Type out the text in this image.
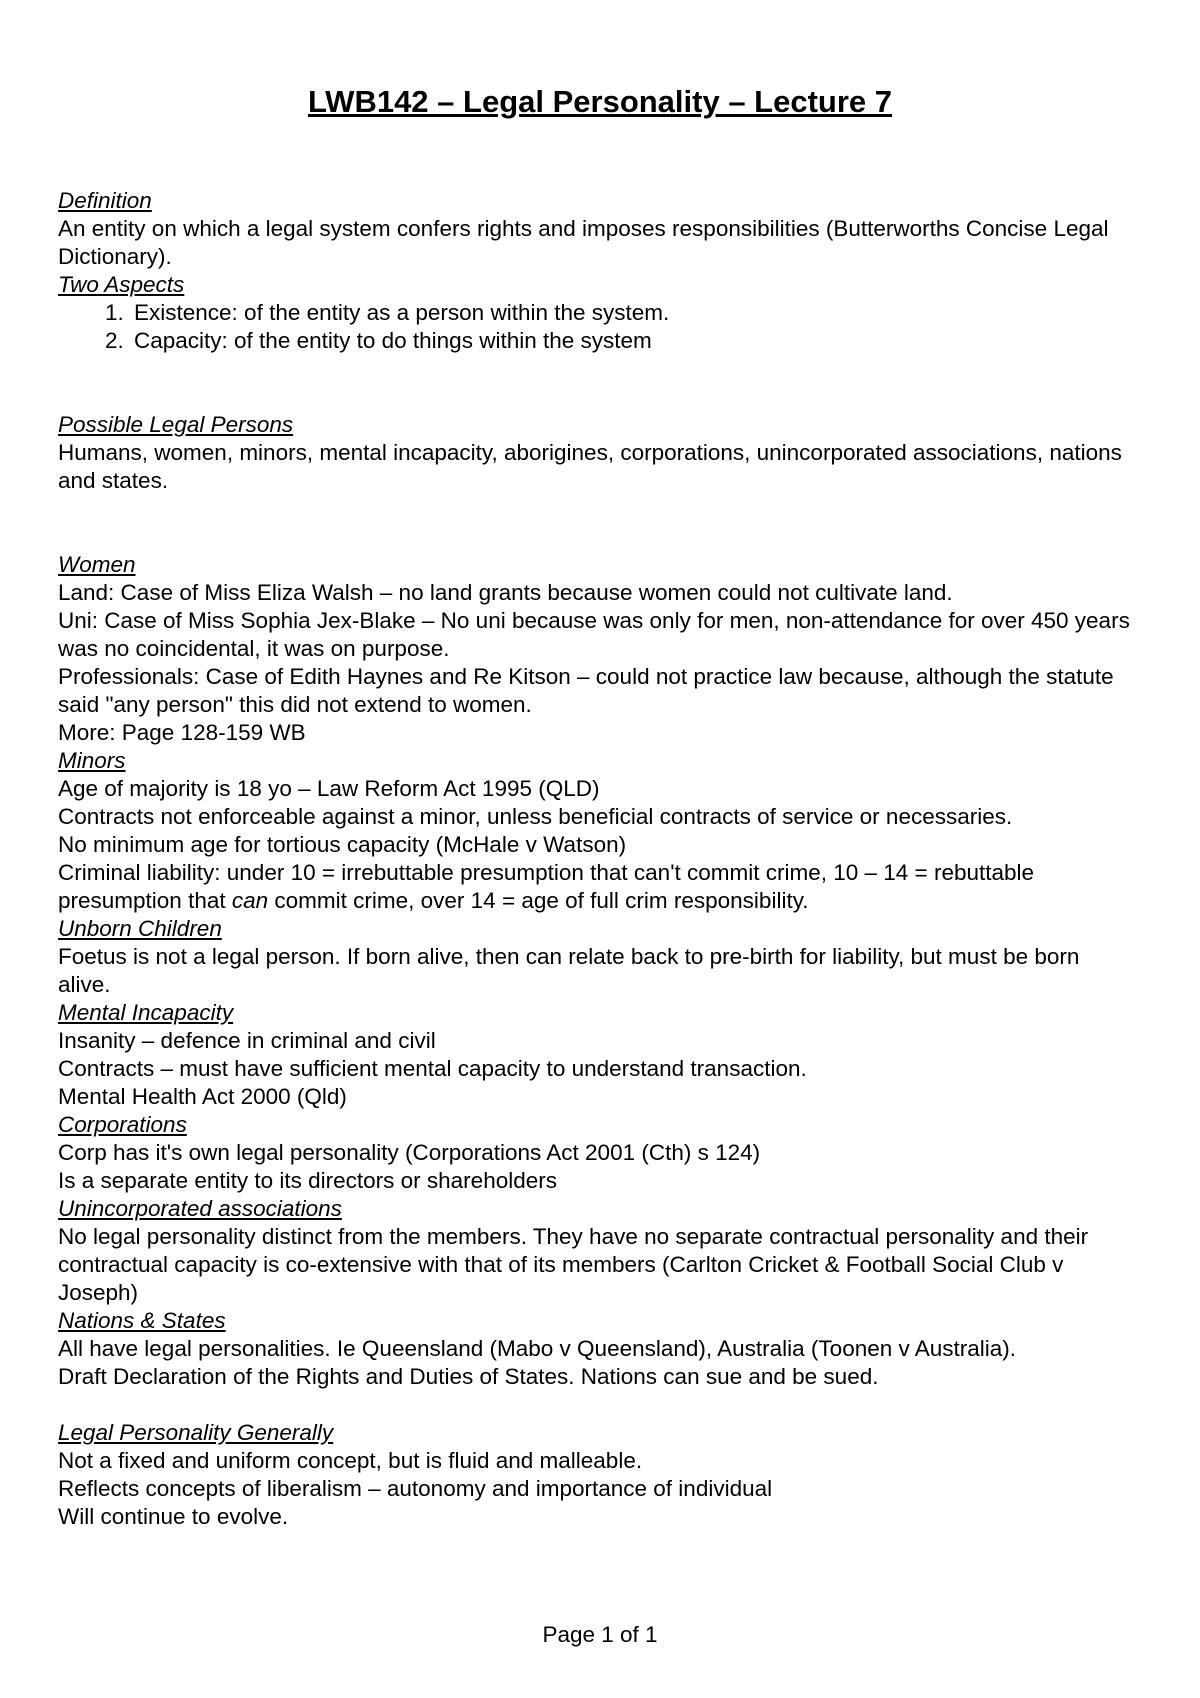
LWB142 – Legal Personality – Lecture 7

Definition

An entity on which a legal system confers rights and imposes responsibilities (Butterworths Concise Legal Dictionary).

Two Aspects

1. Existence: of the entity as a person within the system.
2. Capacity: of the entity to do things within the system

Possible Legal Persons

Humans, women, minors, mental incapacity, aborigines, corporations, unincorporated associations, nations and states.

Women

Land: Case of Miss Eliza Walsh – no land grants because women could not cultivate land.

Uni: Case of Miss Sophia Jex-Blake – No uni because was only for men, non-attendance for over 450 years was no coincidental, it was on purpose.

Professionals: Case of Edith Haynes and Re Kitson – could not practice law because, although the statute said "any person" this did not extend to women.

More: Page 128-159 WB

Minors

Age of majority is 18 yo – Law Reform Act 1995 (QLD)

Contracts not enforceable against a minor, unless beneficial contracts of service or necessaries.

No minimum age for tortious capacity (McHale v Watson)

Criminal liability: under 10 = irrebuttable presumption that can't commit crime, 10 – 14 = rebuttable presumption that can commit crime, over 14 = age of full crim responsibility.

Unborn Children

Foetus is not a legal person. If born alive, then can relate back to pre-birth for liability, but must be born alive.

Mental Incapacity

Insanity – defence in criminal and civil

Contracts – must have sufficient mental capacity to understand transaction.

Mental Health Act 2000 (Qld)

Corporations

Corp has it's own legal personality (Corporations Act 2001 (Cth) s 124)

Is a separate entity to its directors or shareholders

Unincorporated associations

No legal personality distinct from the members. They have no separate contractual personality and their contractual capacity is co-extensive with that of its members (Carlton Cricket & Football Social Club v Joseph)

Nations & States

All have legal personalities. Ie Queensland (Mabo v Queensland), Australia (Toonen v Australia).

Draft Declaration of the Rights and Duties of States. Nations can sue and be sued.

Legal Personality Generally

Not a fixed and uniform concept, but is fluid and malleable.

Reflects concepts of liberalism – autonomy and importance of individual

Will continue to evolve.

Page 1 of 1
